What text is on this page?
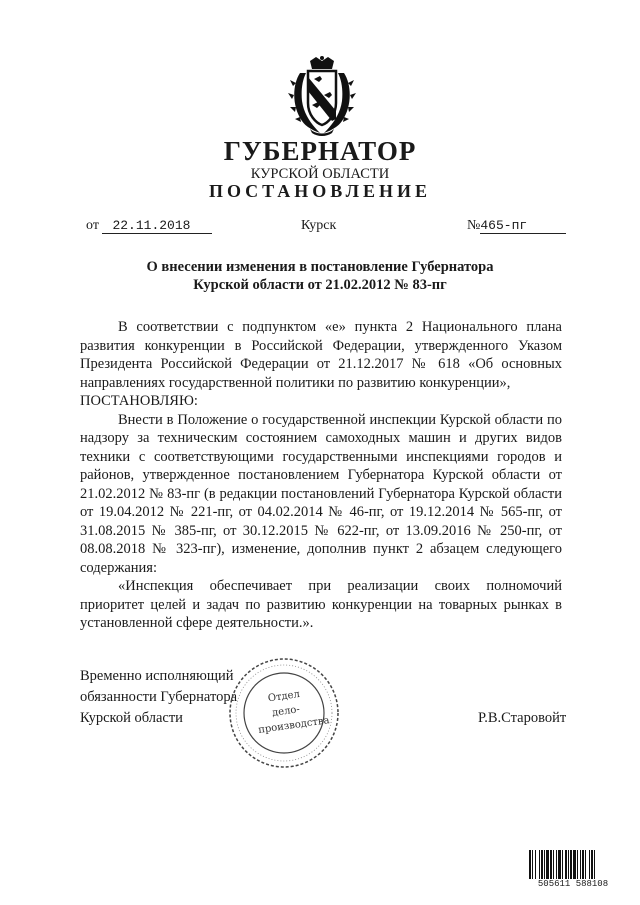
ГУБЕРНАТОР
КУРСКОЙ ОБЛАСТИ
ПОСТАНОВЛЕНИЕ
от 22.11.2018	Курск	№465-пг
О внесении изменения в постановление Губернатора
Курской области от 21.02.2012 № 83-пг

В соответствии с подпунктом «е» пункта 2 Национального плана развития конкуренции в Российской Федерации, утвержденного Указом Президента Российской Федерации от 21.12.2017 № 618 «Об основных направлениях государственной политики по развитию конкуренции»,

ПОСТАНОВЛЯЮ:

Внести в Положение о государственной инспекции Курской области по надзору за техническим состоянием самоходных машин и других видов техники с соответствующими государственными инспекциями городов и районов, утвержденное постановлением Губернатора Курской области от 21.02.2012 № 83-пг (в редакции постановлений Губернатора Курской области от 19.04.2012 № 221-пг, от 04.02.2014 № 46-пг, от 19.12.2014 № 565-пг, от 31.08.2015 № 385-пг, от 30.12.2015 № 622-пг, от 13.09.2016 № 250-пг, от 08.08.2018 № 323-пг), изменение, дополнив пункт 2 абзацем следующего содержания:

«Инспекция обеспечивает при реализации своих полномочий приоритет целей и задач по развитию конкуренции на товарных рынках в установленной сфере деятельности.».

Временно исполняющий
обязанности Губернатора
Курской области	Р.В.Старовойт
Отдел
дело-
производства
505611 588108
